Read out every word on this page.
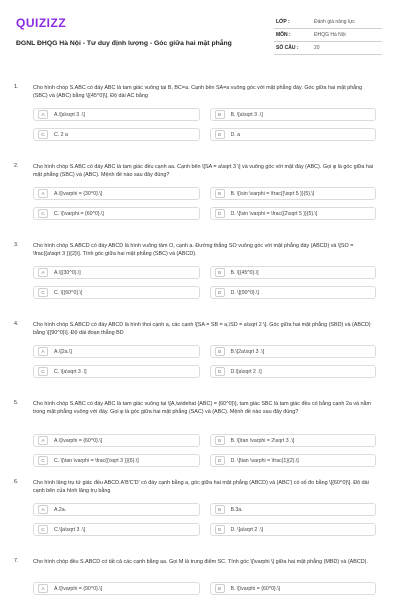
QUIZIZZ
ĐGNL ĐHQG Hà Nội - Tư duy định lượng - Góc giữa hai mặt phẳng
LỚP :	Đánh giá năng lực
MÔN :	ĐHQG Hà Nội
SỐ CÂU :	20
1.	Cho hình chóp S.ABC có đáy ABC là tam giác vuông tại B, BC=a. Cạnh bên SA=a vuông góc với mặt phẳng đáy. Góc giữa hai mặt phẳng (SBC) và (ABC) bằng \[{45^0}\]. Độ dài AC bằng
A	A.\[a\sqrt 3 .\]	B	B. \[a\sqrt 3 .\]
C	C. 2 a	D	D. a
2.	Cho hình chóp S.ABC có đáy ABC là tam giác đều cạnh aa. Cạnh bên \[SA = a\sqrt 3 \] và vuông góc với mặt đáy (ABC). Gọi φ là góc giữa hai mặt phẳng (SBC) và (ABC). Mệnh đề nào sau đây đúng?
A	A.\[\varphi = {30^0}.\]	B	B. \[\sin \varphi = \frac{{\sqrt 5 }}{5}.\]
C	C. \[\varphi = {60^0}.\]	D	D. \[\sin \varphi = \frac{{2\sqrt 5 }}{5}.\]
3.	Cho hình chóp S.ABCD có đáy ABCD là hình vuông tâm O, cạnh a. Đường thẳng SO vuông góc với mặt phẳng đáy (ABCD) và \[SO = \frac{{a\sqrt 3 }}{2}\]. Tính góc giữa hai mặt phẳng (SBC) và (ABCD).
A	A.\[{30^0}.\]	B	B. \[{45^0}.\]
C	C. \[{60^0}.\]	D	D. \[{90^0}.\]
4.	Cho hình chóp S.ABCD có đáy ABCD là hình thoi cạnh a, các cạnh \[SA = SB = a,\SD = a\sqrt 2 \]. Góc giữa hai mặt phẳng (SBD) và (ABCD) bằng \[{90^0}\]. Độ dài đoạn thẳng BD
A	A.\[2a.\]	B	B.\[2a\sqrt 3 .\]
C	C. \[a\sqrt 3 .\]	D	D.\[a\sqrt 2 .\]
5.	Cho hình chóp S.ABC có đáy ABC là tam giác vuông tại \[A,\widehat {ABC} = {60^0}\], tam giác SBC là tam giác đều có bằng cạnh 2a và nằm trong mặt phẳng vuông với đáy. Gọi φ là góc giữa hai mặt phẳng (SAC) và (ABC). Mệnh đề nào sau đây đúng?
A	A.\[\varphi = {60^0}.\]	B	B. \[\tan \varphi = 2\sqrt 3 .\]
C	C. \[\tan \varphi = \frac{{\sqrt 3 }}{6}.\]	D	D. \[\tan \varphi = \frac{1}{2}.\]
6.	Cho hình lăng trụ tứ giác đều ABCD.A'B'C'D' có đáy cạnh bằng a, góc giữa hai mặt phẳng (ABCD) và (ABC') có số đo bằng \[{60^0}\]. Độ dài cạnh bên của hình lăng trụ bằng
A	A.2a.	B	B.3a.
C	C.\[a\sqrt 3 .\]	D	D. \[a\sqrt 2 .\]
7.	Cho hình chóp đều S.ABCD có tất cả các cạnh bằng aa. Gọi M là trung điểm SC. Tính góc \[\varphi \] giữa hai mặt phẳng (MBD) và (ABCD).
A	A.\[\varphi = {90^0}.\]	B	B. \[\varphi = {60^0}.\]
